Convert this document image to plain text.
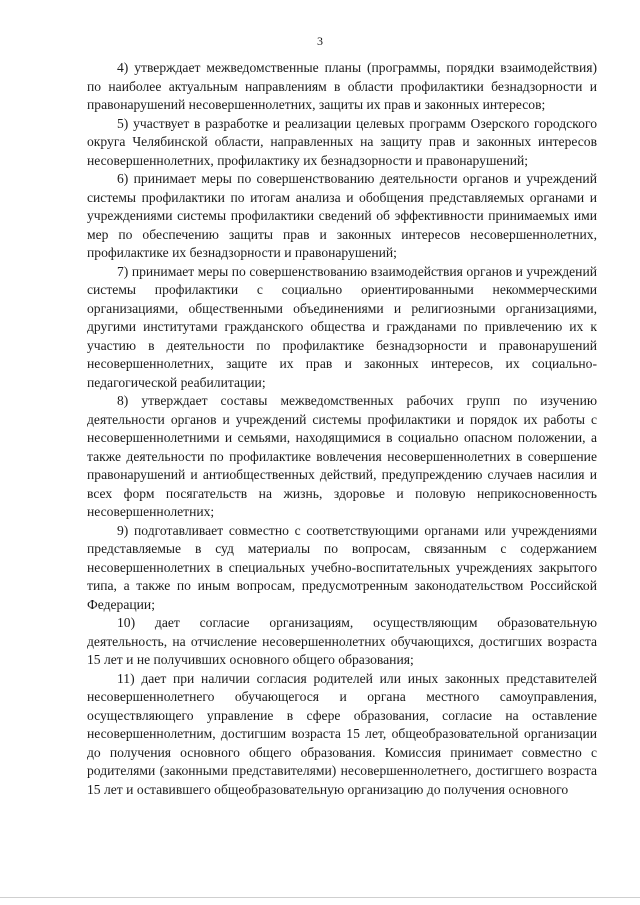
3

4) утверждает межведомственные планы (программы, порядки взаимодействия) по наиболее актуальным направлениям в области профилактики безнадзорности и правонарушений несовершеннолетних, защиты их прав и законных интересов;

5) участвует в разработке и реализации целевых программ Озерского городского округа Челябинской области, направленных на защиту прав и законных интересов несовершеннолетних, профилактику их безнадзорности и правонарушений;

6) принимает меры по совершенствованию деятельности органов и учреждений системы профилактики по итогам анализа и обобщения представляемых органами и учреждениями системы профилактики сведений об эффективности принимаемых ими мер по обеспечению защиты прав и законных интересов несовершеннолетних, профилактике их безнадзорности и правонарушений;

7) принимает меры по совершенствованию взаимодействия органов и учреждений системы профилактики с социально ориентированными некоммерческими организациями, общественными объединениями и религиозными организациями, другими институтами гражданского общества и гражданами по привлечению их к участию в деятельности по профилактике безнадзорности и правонарушений несовершеннолетних, защите их прав и законных интересов, их социально-педагогической реабилитации;

8) утверждает составы межведомственных рабочих групп по изучению деятельности органов и учреждений системы профилактики и порядок их работы с несовершеннолетними и семьями, находящимися в социально опасном положении, а также деятельности по профилактике вовлечения несовершеннолетних в совершение правонарушений и антиобщественных действий, предупреждению случаев насилия и всех форм посягательств на жизнь, здоровье и половую неприкосновенность несовершеннолетних;

9) подготавливает совместно с соответствующими органами или учреждениями представляемые в суд материалы по вопросам, связанным с содержанием несовершеннолетних в специальных учебно-воспитательных учреждениях закрытого типа, а также по иным вопросам, предусмотренным законодательством Российской Федерации;

10) дает согласие организациям, осуществляющим образовательную деятельность, на отчисление несовершеннолетних обучающихся, достигших возраста 15 лет и не получивших основного общего образования;

11) дает при наличии согласия родителей или иных законных представителей несовершеннолетнего обучающегося и органа местного самоуправления, осуществляющего управление в сфере образования, согласие на оставление несовершеннолетним, достигшим возраста 15 лет, общеобразовательной организации до получения основного общего образования. Комиссия принимает совместно с родителями (законными представителями) несовершеннолетнего, достигшего возраста 15 лет и оставившего общеобразовательную организацию до получения основного
